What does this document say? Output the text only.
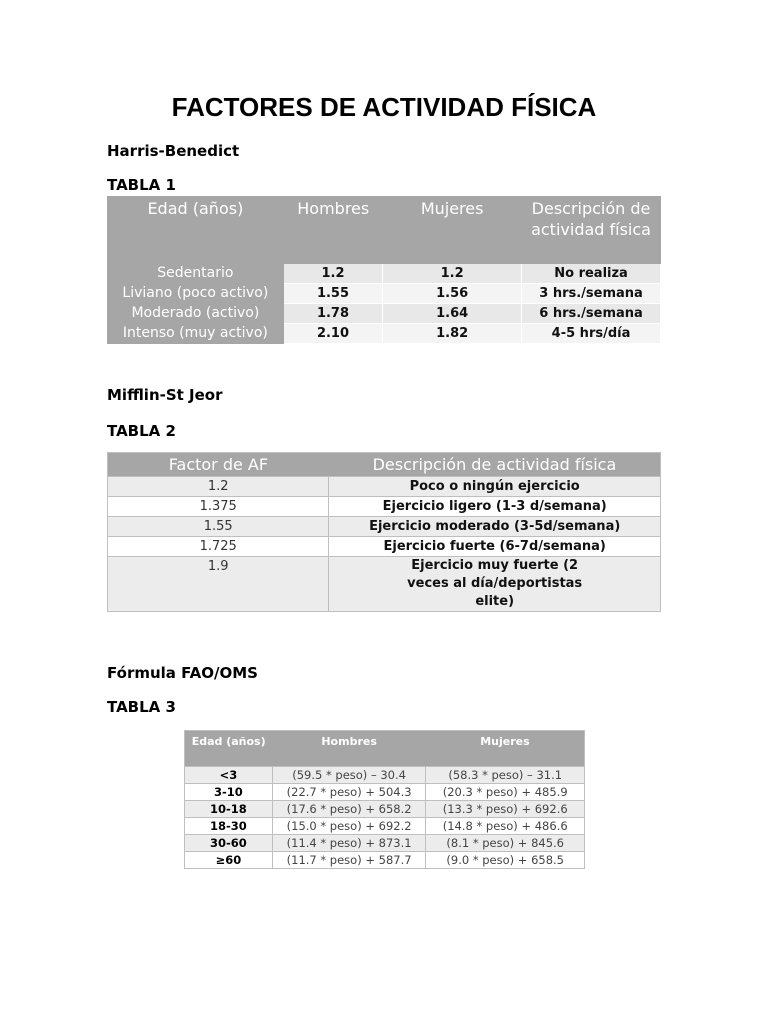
FACTORES DE ACTIVIDAD FÍSICA
Harris-Benedict
TABLA 1
Edad (años)	Hombres	Mujeres	Descripción de actividad física
Sedentario	1.2	1.2	No realiza
Liviano (poco activo)	1.55	1.56	3 hrs./semana
Moderado (activo)	1.78	1.64	6 hrs./semana
Intenso (muy activo)	2.10	1.82	4-5 hrs/día
Mifflin-St Jeor
TABLA 2
Factor de AF	Descripción de actividad física
1.2	Poco o ningún ejercicio
1.375	Ejercicio ligero (1-3 d/semana)
1.55	Ejercicio moderado (3-5d/semana)
1.725	Ejercicio fuerte (6-7d/semana)
1.9	Ejercicio muy fuerte (2 veces al día/deportistas elite)
Fórmula FAO/OMS
TABLA 3
Edad (años)	Hombres	Mujeres
<3	(59.5 * peso) – 30.4	(58.3 * peso) – 31.1
3-10	(22.7 * peso) + 504.3	(20.3 * peso) + 485.9
10-18	(17.6 * peso) + 658.2	(13.3 * peso) + 692.6
18-30	(15.0 * peso) + 692.2	(14.8 * peso) + 486.6
30-60	(11.4 * peso) + 873.1	(8.1 * peso) + 845.6
≥60	(11.7 * peso) + 587.7	(9.0 * peso) + 658.5
